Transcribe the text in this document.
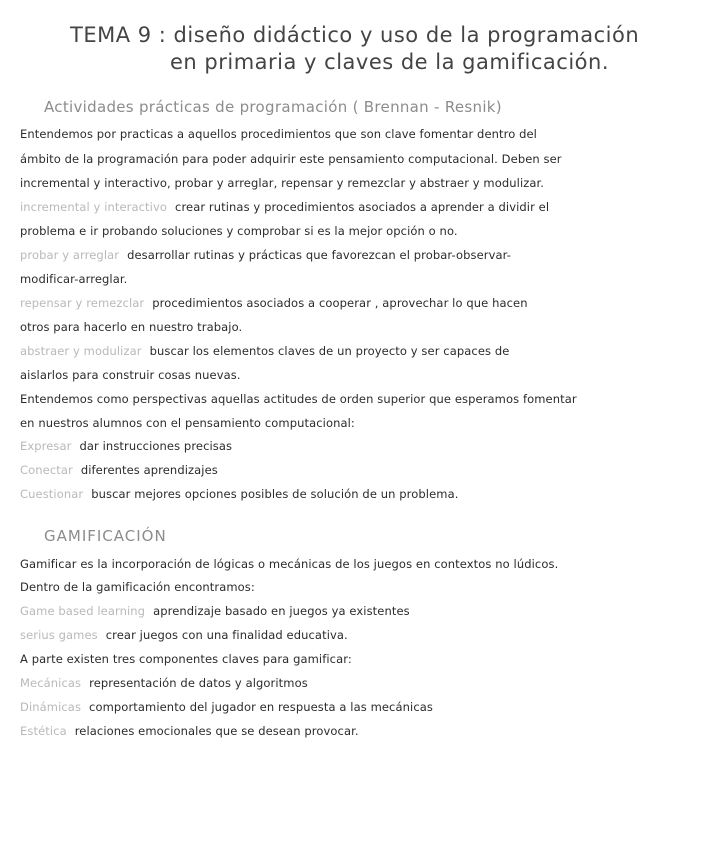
TEMA 9 : diseño didáctico y uso de la programación
en primaria y claves de la gamificación.
Actividades prácticas de programación ( Brennan - Resnik)
Entendemos por practicas a aquellos procedimientos que son clave fomentar dentro del
ámbito de la programación para poder adquirir este pensamiento computacional. Deben ser
incremental y interactivo, probar y arreglar, repensar y remezclar y abstraer y modulizar.
incremental y interactivo crear rutinas y procedimientos asociados a aprender a dividir el
problema e ir probando soluciones y comprobar si es la mejor opción o no.
probar y arreglar desarrollar rutinas y prácticas que favorezcan el probar-observar-
modificar-arreglar.
repensar y remezclar procedimientos asociados a cooperar , aprovechar lo que hacen
otros para hacerlo en nuestro trabajo.
abstraer y modulizar buscar los elementos claves de un proyecto y ser capaces de
aislarlos para construir cosas nuevas.
Entendemos como perspectivas aquellas actitudes de orden superior que esperamos fomentar
en nuestros alumnos con el pensamiento computacional:
Expresar dar instrucciones precisas
Conectar diferentes aprendizajes
Cuestionar buscar mejores opciones posibles de solución de un problema.
GAMIFICACIÓN
Gamificar es la incorporación de lógicas o mecánicas de los juegos en contextos no lúdicos.
Dentro de la gamificación encontramos:
Game based learning aprendizaje basado en juegos ya existentes
serius games crear juegos con una finalidad educativa.
A parte existen tres componentes claves para gamificar:
Mecánicas representación de datos y algoritmos
Dinámicas comportamiento del jugador en respuesta a las mecánicas
Estética relaciones emocionales que se desean provocar.
